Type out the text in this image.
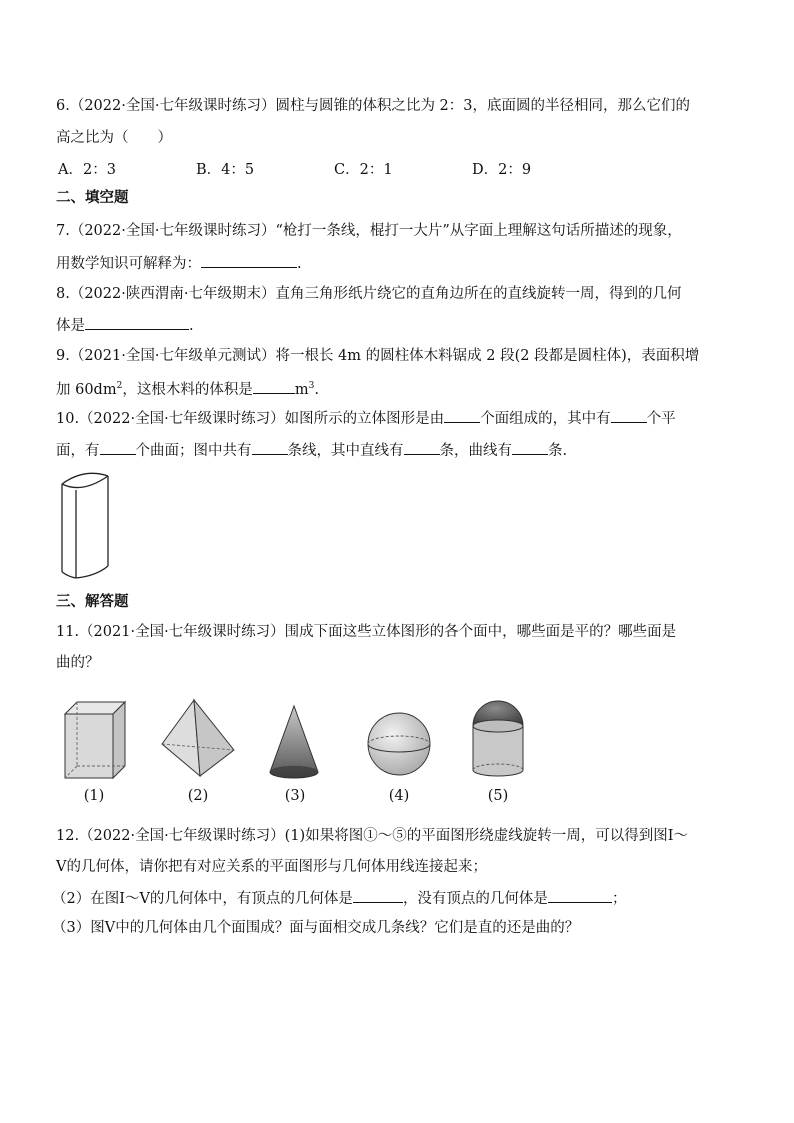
6.（2022·全国·七年级课时练习）圆柱与圆锥的体积之比为 2：3，底面圆的半径相同，那么它们的
高之比为（　　）
A．2：3	B．4：5	C．2：1	D．2：9
二、填空题
7.（2022·全国·七年级课时练习）“枪打一条线，棍打一大片”从字面上理解这句话所描述的现象，
用数学知识可解释为：	.
8.（2022·陕西渭南·七年级期末）直角三角形纸片绕它的直角边所在的直线旋转一周，得到的几何
体是	.
9.（2021·全国·七年级单元测试）将一根长 4m 的圆柱体木料锯成 2 段(2 段都是圆柱体)，表面积增
加 $60dm^2$，这根木料的体积是	$m^3$.
10.（2022·全国·七年级课时练习）如图所示的立体图形是由 个面组成的，其中有 个平
面，有 个曲面；图中共有 条线，其中直线有 条，曲线有 条.
三、解答题
11.（2021·全国·七年级课时练习）围成下面这些立体图形的各个面中，哪些面是平的？哪些面是
曲的？
(1)	(2)	(3)	(4)	(5)
12.（2022·全国·七年级课时练习）(1)如果将图①～⑤的平面图形绕虚线旋转一周，可以得到图Ⅰ～
Ⅴ的几何体，请你把有对应关系的平面图形与几何体用线连接起来；
（2）在图Ⅰ～Ⅴ的几何体中，有顶点的几何体是	，没有顶点的几何体是	；
（3）图Ⅴ中的几何体由几个面围成？面与面相交成几条线？它们是直的还是曲的？
